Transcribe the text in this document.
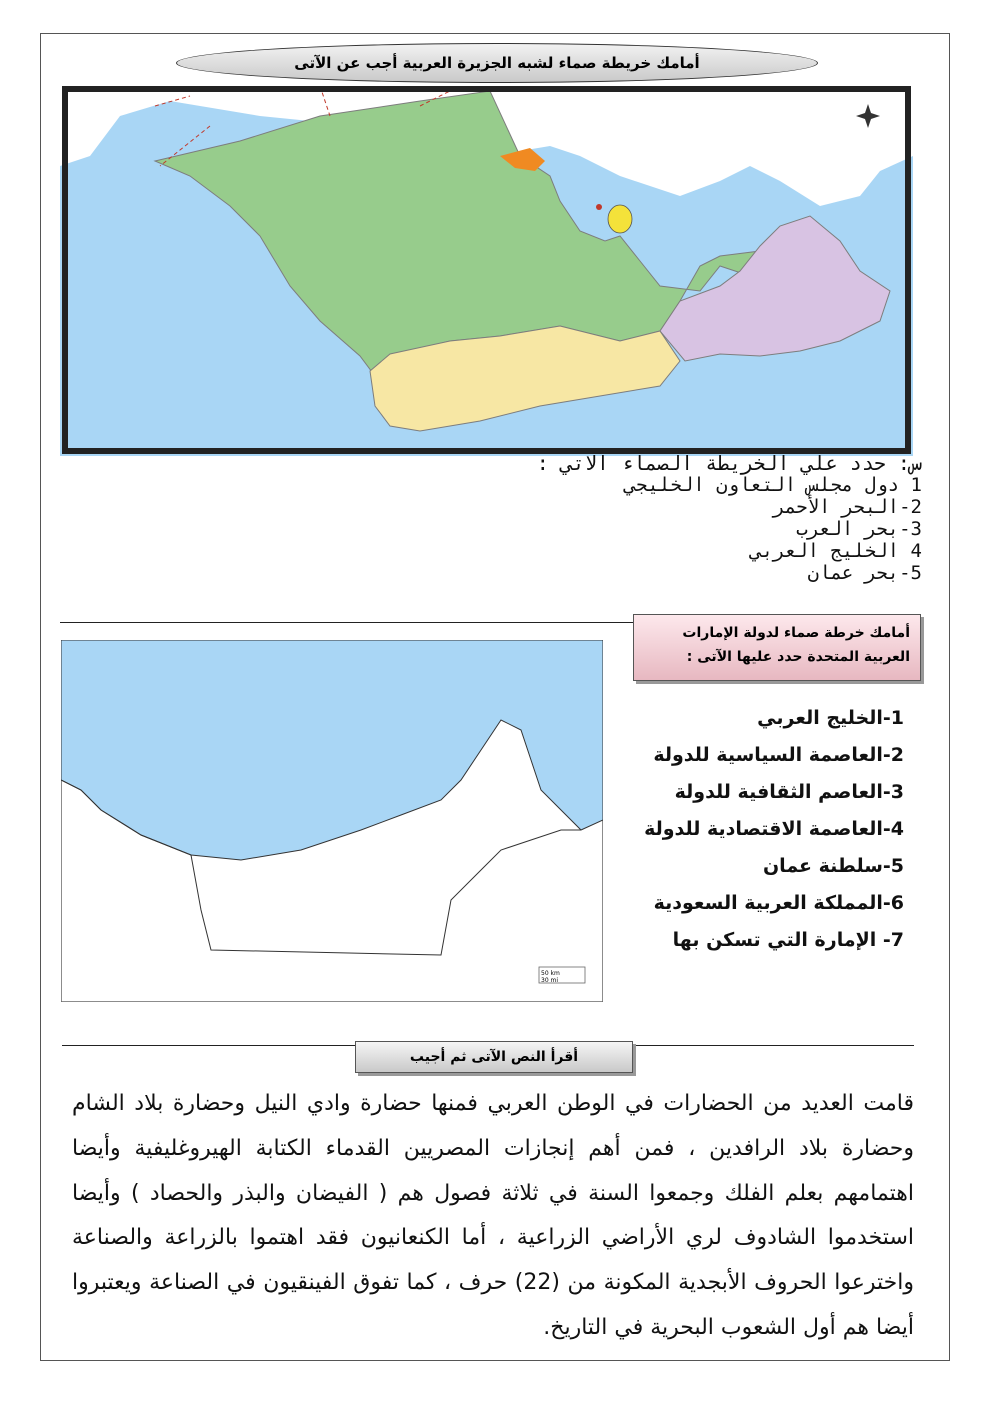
أمامك خريطة صماء لشبه الجزيرة العربية أجب عن الآتى
س: حدد علي الخريطة الصماء الاتي :
1 دول مجلس التعاون الخليجي
2-البحر الأحمر
3-بحر العرب
4 الخليج العربي
5-بحر عمان
50 km
30 mi
أمامك خرطة صماء لدولة الإمارات
العربية المتحدة حدد عليها الآتى :
1-الخليج العربي
2-العاصمة السياسية للدولة
3-العاصم الثقافية للدولة
4-العاصمة الاقتصادية للدولة
5-سلطنة عمان
6-المملكة العربية السعودية
7- الإمارة التي تسكن بها
أقرأ النص الآتى ثم أجيب
قامت العديد من الحضارات في الوطن العربي فمنها حضارة وادي النيل وحضارة بلاد الشام وحضارة بلاد الرافدين ، فمن أهم إنجازات المصريين القدماء الكتابة الهيروغليفية وأيضا اهتمامهم بعلم الفلك وجمعوا السنة في ثلاثة فصول هم ( الفيضان والبذر والحصاد ) وأيضا استخدموا الشادوف لري الأراضي الزراعية ، أما الكنعانيون فقد اهتموا بالزراعة والصناعة واخترعوا الحروف الأبجدية المكونة من (22) حرف ، كما تفوق الفينقيون في الصناعة ويعتبروا أيضا هم أول الشعوب البحرية في التاريخ.
